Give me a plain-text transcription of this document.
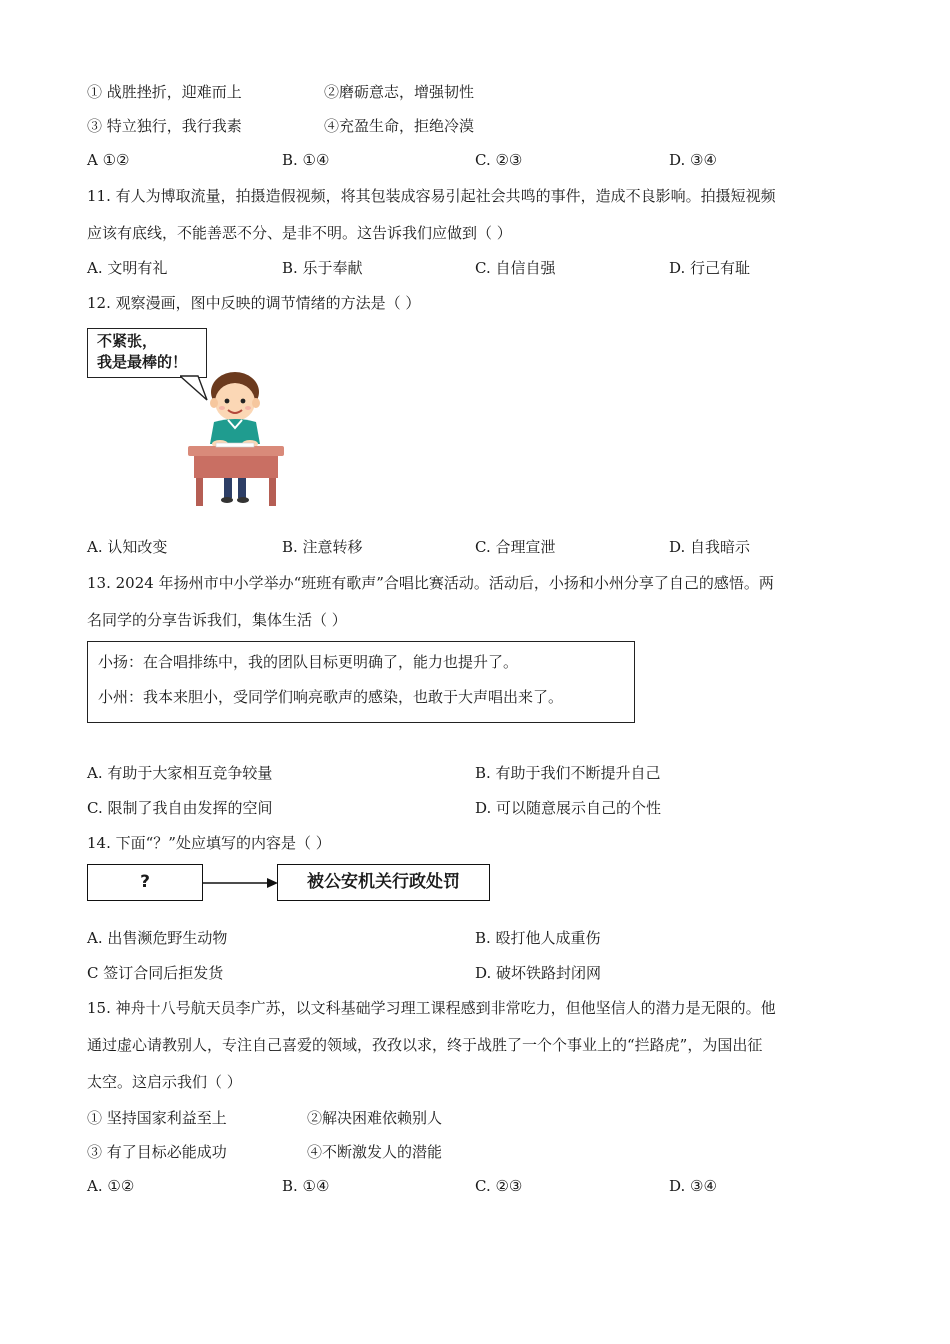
① 战胜挫折，迎难而上	②磨砺意志，增强韧性
③ 特立独行，我行我素	④充盈生命，拒绝冷漠
A ①②	B. ①④	C. ②③	D. ③④
11. 有人为博取流量，拍摄造假视频，将其包装成容易引起社会共鸣的事件，造成不良影响。拍摄短视频
应该有底线，不能善恶不分、是非不明。这告诉我们应做到（ ）
A. 文明有礼	B. 乐于奉献	C. 自信自强	D. 行己有耻
12. 观察漫画，图中反映的调节情绪的方法是（ ）
不紧张，
我是最棒的！
A. 认知改变	B. 注意转移	C. 合理宣泄	D. 自我暗示
13. 2024 年扬州市中小学举办“班班有歌声”合唱比赛活动。活动后，小扬和小州分享了自己的感悟。两
名同学的分享告诉我们，集体生活（ ）
小扬：在合唱排练中，我的团队目标更明确了，能力也提升了。
小州：我本来胆小，受同学们响亮歌声的感染，也敢于大声唱出来了。
A. 有助于大家相互竞争较量	B. 有助于我们不断提升自己
C. 限制了我自由发挥的空间	D. 可以随意展示自己的个性
14. 下面“？”处应填写的内容是（ ）
?	被公安机关行政处罚
A. 出售濒危野生动物	B. 殴打他人成重伤
C 签订合同后拒发货	D. 破坏铁路封闭网
15. 神舟十八号航天员李广苏，以文科基础学习理工课程感到非常吃力，但他坚信人的潜力是无限的。他
通过虚心请教别人，专注自己喜爱的领域，孜孜以求，终于战胜了一个个事业上的“拦路虎”，为国出征
太空。这启示我们（ ）
① 坚持国家利益至上	②解决困难依赖别人
③ 有了目标必能成功	④不断激发人的潜能
A. ①②	B. ①④	C. ②③	D. ③④
